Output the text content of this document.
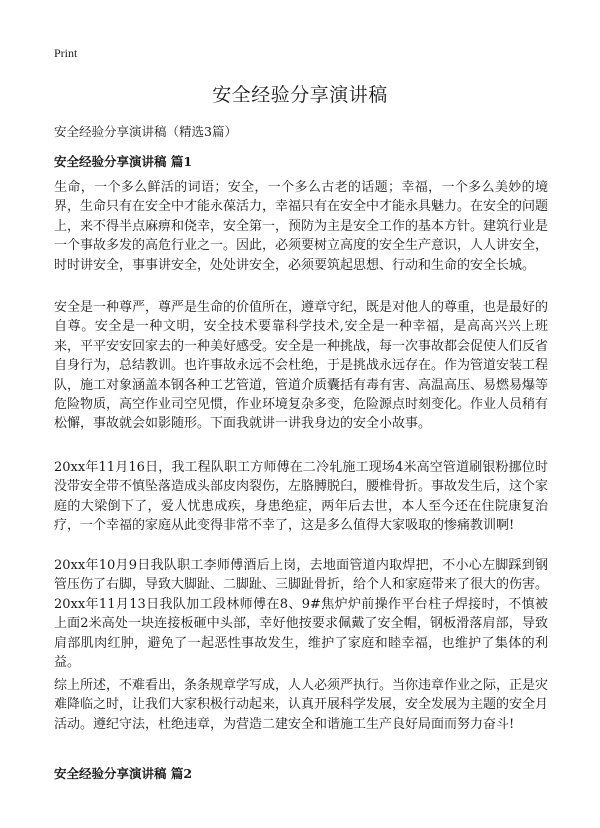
Print
安全经验分享演讲稿

安全经验分享演讲稿（精选3篇）

安全经验分享演讲稿 篇1

生命，一个多么鲜活的词语；安全，一个多么古老的话题；幸福，一个多么美妙的境界，生命只有在安全中才能永葆活力，幸福只有在安全中才能永具魅力。在安全的问题上，来不得半点麻痹和侥幸，安全第一，预防为主是安全工作的基本方针。建筑行业是一个事故多发的高危行业之一。因此，必须要树立高度的安全生产意识，人人讲安全，时时讲安全，事事讲安全，处处讲安全，必须要筑起思想、行动和生命的安全长城。

安全是一种尊严，尊严是生命的价值所在，遵章守纪，既是对他人的尊重，也是最好的自尊。安全是一种文明，安全技术要靠科学技术,安全是一种幸福，是高高兴兴上班来，平平安安回家去的一种美好感受。安全是一种挑战，每一次事故都会促使人们反省自身行为，总结教训。也许事故永远不会杜绝，于是挑战永远存在。作为管道安装工程队，施工对象涵盖本钢各种工艺管道，管道介质囊括有毒有害、高温高压、易燃易爆等危险物质，高空作业司空见惯，作业环境复杂多变，危险源点时刻变化。作业人员稍有松懈，事故就会如影随形。下面我就讲一讲我身边的安全小故事。

20xx年11月16日，我工程队职工方师傅在二冷轧施工现场4米高空管道刷银粉挪位时没带安全带不慎坠落造成头部皮肉裂伤，左胳膊脱臼，腰椎骨折。事故发生后，这个家庭的大梁倒下了，爱人忧患成疾，身患绝症，两年后去世，本人至今还在住院康复治疗，一个幸福的家庭从此变得非常不幸了，这是多么值得大家吸取的惨痛教训啊!

20xx年10月9日我队职工李师傅酒后上岗，去地面管道内取焊把，不小心左脚踩到钢管压伤了右脚，导致大脚趾、二脚趾、三脚趾骨折，给个人和家庭带来了很大的伤害。20xx年11月13日我队加工段林师傅在8、9#焦炉炉前操作平台柱子焊接时，不慎被上面2米高处一块连接板砸中头部，幸好他按要求佩戴了安全帽，钢板滑落肩部，导致肩部肌肉红肿，避免了一起恶性事故发生，维护了家庭和睦幸福，也维护了集体的利益。

综上所述，不难看出，条条规章学写成，人人必须严执行。当你违章作业之际，正是灾难降临之时，让我们大家积极行动起来，认真开展科学发展，安全发展为主题的安全月活动。遵纪守法，杜绝违章，为营造二建安全和谐施工生产良好局面而努力奋斗!

安全经验分享演讲稿 篇2
